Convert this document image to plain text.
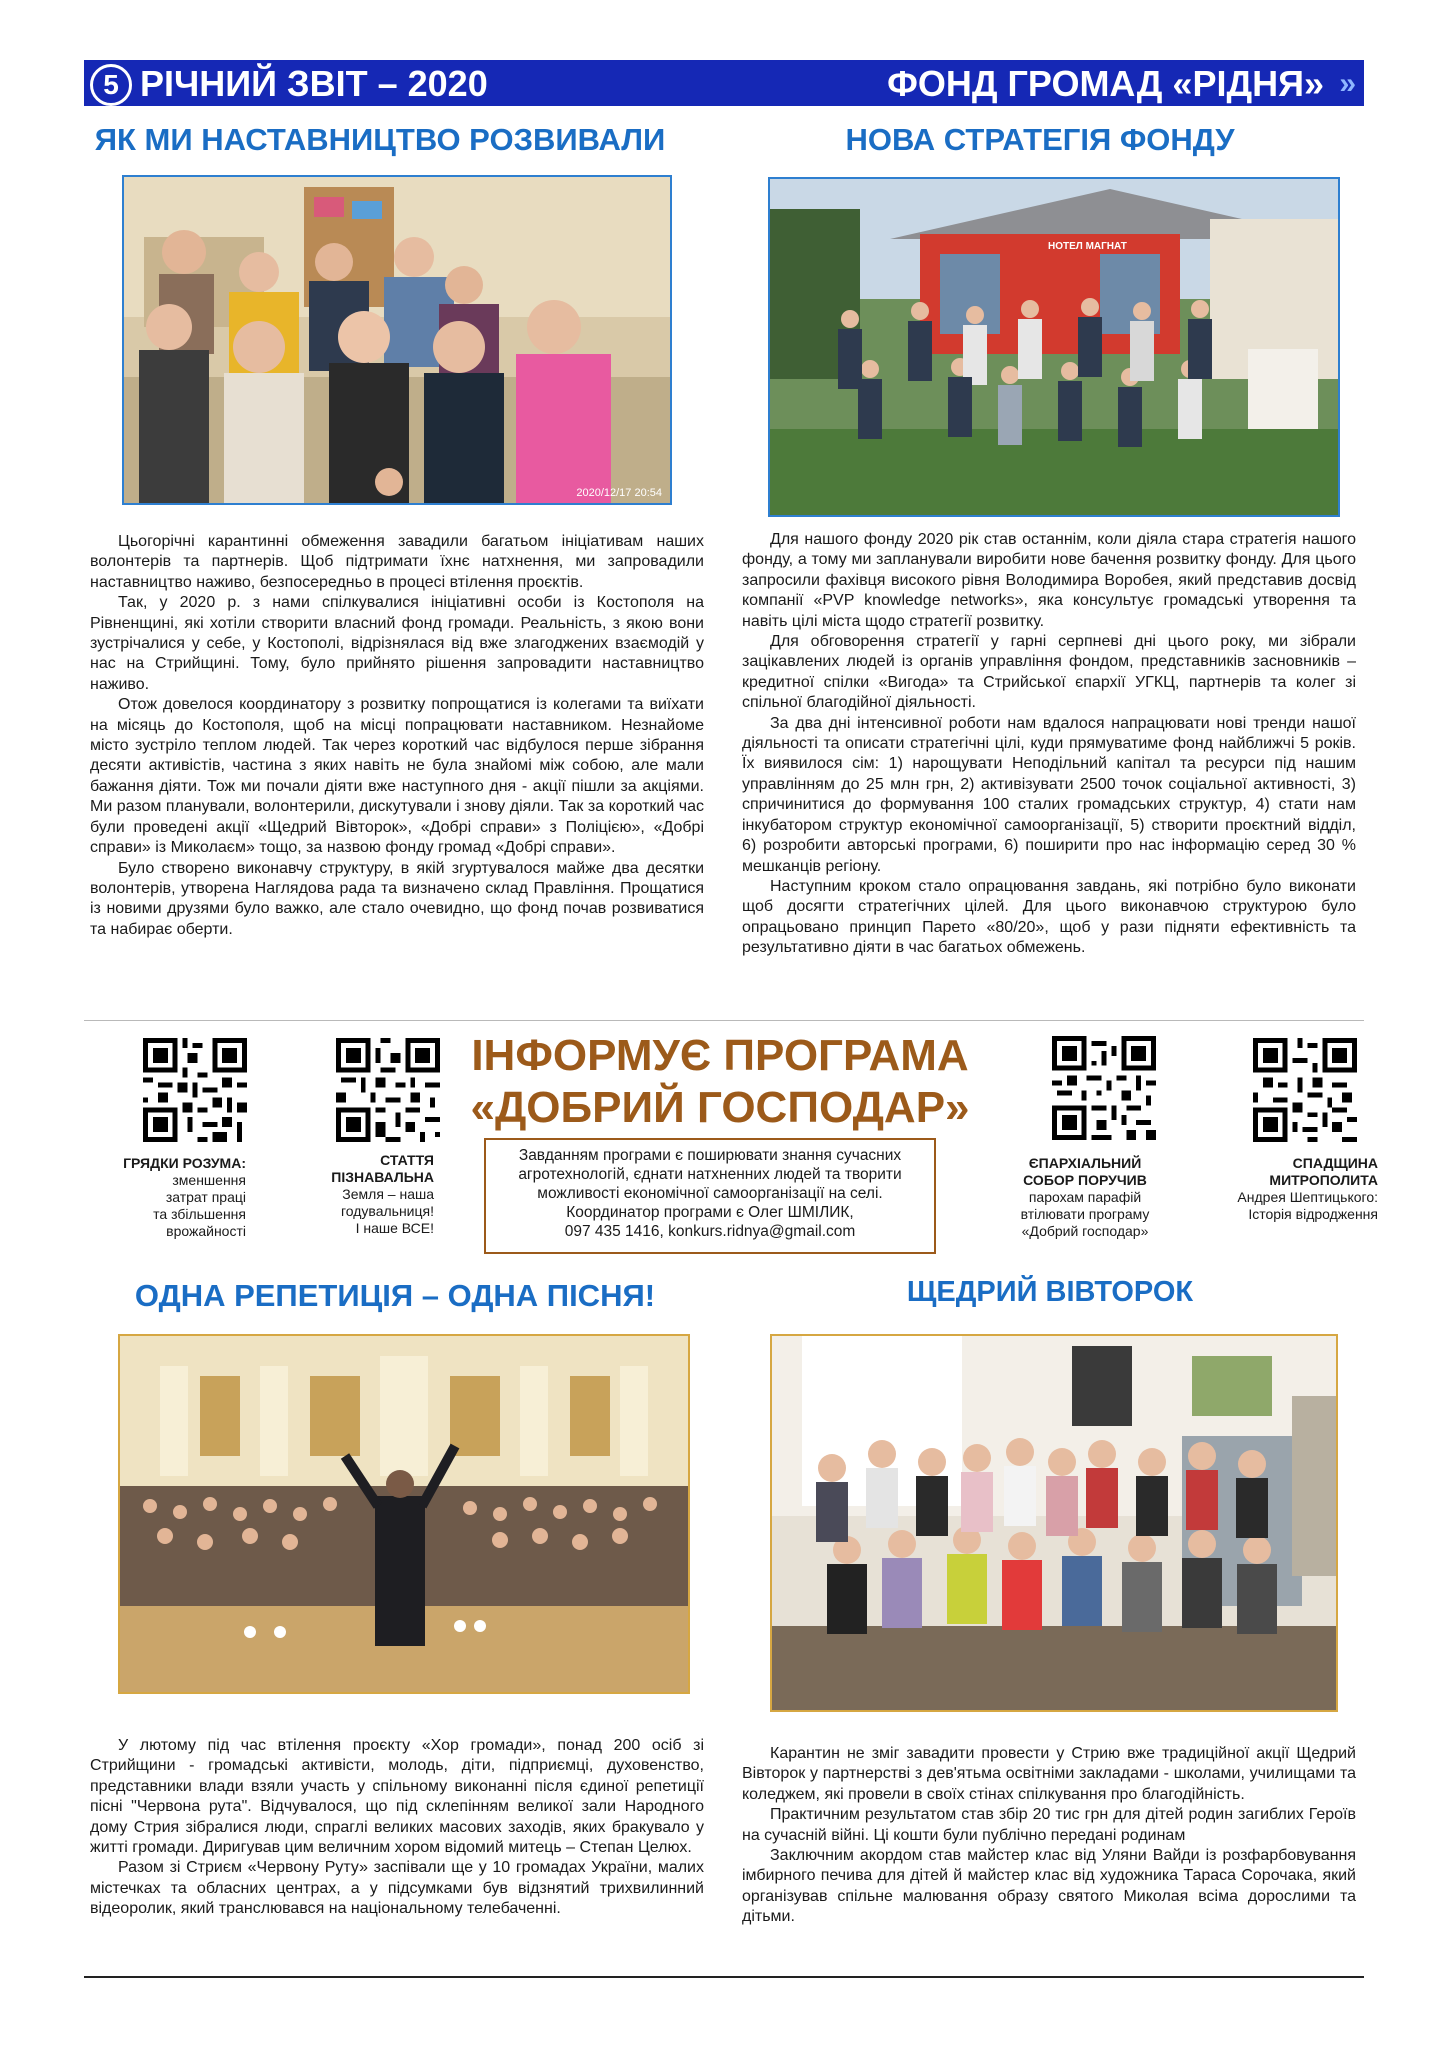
5 РІЧНИЙ ЗВІТ – 2020	ФОНД ГРОМАД «РІДНЯ» »
ЯК МИ НАСТАВНИЦТВО РОЗВИВАЛИ
2020/12/17 20:54

Цьогорічні карантинні обмеження завадили багатьом ініціативам наших волонтерів та партнерів. Щоб підтримати їхнє натхнення, ми запровадили наставництво наживо, безпосередньо в процесі втілення проєктів.

Так, у 2020 р. з нами спілкувалися ініціативні особи із Костополя на Рівненщині, які хотіли створити власний фонд громади. Реальність, з якою вони зустрічалися у себе, у Костополі, відрізнялася від вже злагоджених взаємодій у нас на Стрийщині. Тому, було прийнято рішення запровадити наставництво наживо.

Отож довелося координатору з розвитку попрощатися із колегами та виїхати на місяць до Костополя, щоб на місці попрацювати наставником. Незнайоме місто зустріло теплом людей. Так через короткий час відбулося перше зібрання десяти активістів, частина з яких навіть не була знайомі між собою, але мали бажання діяти. Тож ми почали діяти вже наступного дня - акції пішли за акціями. Ми разом планували, волонтерили, дискутували і знову діяли. Так за короткий час були проведені акції «Щедрий Вівторок», «Добрі справи» з Поліцією», «Добрі справи» із Миколаєм» тощо, за назвою фонду громад «Добрі справи».

Було створено виконавчу структуру, в якій згуртувалося майже два десятки волонтерів, утворена Наглядова рада та визначено склад Правління. Прощатися із новими друзями було важко, але стало очевидно, що фонд почав розвиватися та набирає оберти.

НОВА СТРАТЕГІЯ ФОНДУ
НОТЕЛ МАГНАТ

Для нашого фонду 2020 рік став останнім, коли діяла стара стратегія нашого фонду, а тому ми запланували виробити нове бачення розвитку фонду. Для цього запросили фахівця високого рівня Володимира Воробея, який представив досвід компанії «PVP knowledge networks», яка консультує громадські утворення та навіть цілі міста щодо стратегії розвитку.

Для обговорення стратегії у гарні серпневі дні цього року, ми зібрали зацікавлених людей із органів управління фондом, представників засновників – кредитної спілки «Вигода» та Стрийської єпархії УГКЦ, партнерів та колег зі спільної благодійної діяльності.

За два дні інтенсивної роботи нам вдалося напрацювати нові тренди нашої діяльності та описати стратегічні цілі, куди прямуватиме фонд найближчі 5 років. Їх виявилося сім: 1) нарощувати Неподільний капітал та ресурси під нашим управлінням до 25 млн грн, 2) активізувати 2500 точок соціальної активності, 3) спричинитися до формування 100 сталих громадських структур, 4) стати нам інкубатором структур економічної самоорганізації, 5) створити проєктний відділ, 6) розробити авторські програми, 6) поширити про нас інформацію серед 30 % мешканців регіону.

Наступним кроком стало опрацювання завдань, які потрібно було виконати щоб досягти стратегічних цілей. Для цього виконавчою структурою було опрацьовано принцип Парето «80/20», щоб у рази підняти ефективність та результативно діяти в час багатьох обмежень.

ГРЯДКИ РОЗУМА:
зменшення
затрат праці
та збільшення
врожайності
СТАТТЯ
ПІЗНАВАЛЬНА
Земля – наша
годувальниця!
І наше ВСЕ!
ІНФОРМУЄ ПРОГРАМА
«ДОБРИЙ ГОСПОДАР»
Завданням програми є поширювати знання сучасних агротехнологій, єднати натхненних людей та творити можливості економічної самоорганізації на селі.
Координатор програми є Олег ШМІЛИК,
097 435 1416, konkurs.ridnya@gmail.com
ЄПАРХІАЛЬНИЙ
СОБОР ПОРУЧИВ
парохам парафій
втілювати програму
«Добрий господар»
СПАДЩИНА
МИТРОПОЛИТА
Андрея Шептицького:
Історія відродження
ОДНА РЕПЕТИЦІЯ – ОДНА ПІСНЯ!

У лютому під час втілення проєкту «Хор громади», понад 200 осіб зі Стрийщини - громадські активісти, молодь, діти, підприємці, духовенство, представники влади взяли участь у спільному виконанні після єдиної репетиції пісні "Червона рута". Відчувалося, що під склепінням великої зали Народного дому Стрия зібралися люди, спраглі великих масових заходів, яких бракувало у житті громади. Диригував цим величним хором відомий митець – Степан Целюх.

Разом зі Стриєм «Червону Руту» заспівали ще у 10 громадах України, малих містечках та обласних центрах, а у підсумками був відзнятий трихвилинний відеоролик, який транслювався на національному телебаченні.

ЩЕДРИЙ ВІВТОРОК

Карантин не зміг завадити провести у Стрию вже традиційної акції Щедрий Вівторок у партнерстві з дев'ятьма освітніми закладами - школами, училищами та коледжем, які провели в своїх стінах спілкування про благодійність.

Практичним результатом став збір 20 тис грн для дітей родин загиблих Героїв на сучасній війні. Ці кошти були публічно передані родинам

Заключним акордом став майстер клас від Уляни Вайди із розфарбовування імбирного печива для дітей й майстер клас від художника Тараса Сорочака, який організував спільне малювання образу святого Миколая всіма дорослими та дітьми.
